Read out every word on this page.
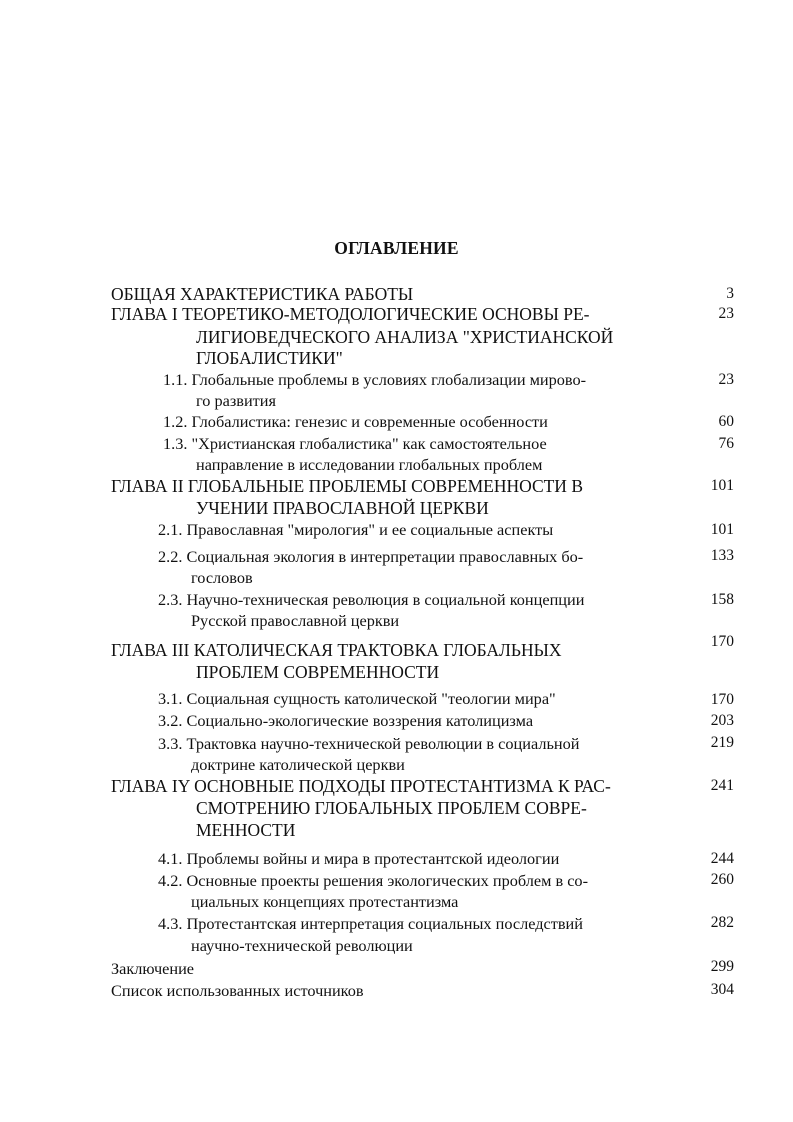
ОГЛАВЛЕНИЕ
ОБЩАЯ ХАРАКТЕРИСТИКА РАБОТЫ	3
ГЛАВА I ТЕОРЕТИКО-МЕТОДОЛОГИЧЕСКИЕ ОСНОВЫ РЕ-
ЛИГИОВЕДЧЕСКОГО АНАЛИЗА "ХРИСТИАНСКОЙ
ГЛОБАЛИСТИКИ"
23
1.1. Глобальные проблемы в условиях глобализации мирово-
го развития
23
1.2. Глобалистика: генезис и современные особенности	60
1.3. "Христианская глобалистика" как самостоятельное
направление в исследовании глобальных проблем
76
ГЛАВА II ГЛОБАЛЬНЫЕ ПРОБЛЕМЫ СОВРЕМЕННОСТИ В
УЧЕНИИ ПРАВОСЛАВНОЙ ЦЕРКВИ
101
2.1. Православная "мирология" и ее социальные аспекты	101
2.2. Социальная экология в интерпретации православных бо-
гословов
133
2.3. Научно-техническая революция в социальной концепции
Русской православной церкви
158
ГЛАВА III КАТОЛИЧЕСКАЯ ТРАКТОВКА ГЛОБАЛЬНЫХ
ПРОБЛЕМ СОВРЕМЕННОСТИ
170
3.1. Социальная сущность католической "теологии мира"	170
3.2. Социально-экологические воззрения католицизма	203
3.3. Трактовка научно-технической революции в социальной
доктрине католической церкви
219
ГЛАВА IY ОСНОВНЫЕ ПОДХОДЫ ПРОТЕСТАНТИЗМА К РАС-
СМОТРЕНИЮ ГЛОБАЛЬНЫХ ПРОБЛЕМ СОВРЕ-
МЕННОСТИ
241
4.1. Проблемы войны и мира в протестантской идеологии	244
4.2. Основные проекты решения экологических проблем в со-
циальных концепциях протестантизма
260
4.3. Протестантская интерпретация социальных последствий
научно-технической революции
282
Заключение	299
Список использованных источников	304
